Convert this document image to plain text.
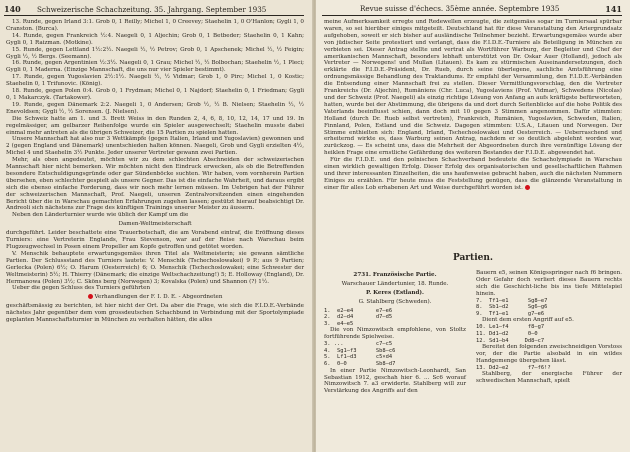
140 Schweizerische Schachzeitung. 35. Jahrgang. September 1935

13. Runde, gegen Irland 3:1. Grob 0, 1 Reilly; Michel 1, 0 Creevey; Staehelin 1, 0 O'Hanlon; Gygli 1, 0 Cranston. (Burca).

14. Runde, gegen Frankreich ½:4. Naegeli 0, 1 Aljechin; Grob 0, 1 Betbeder; Staehelin 0, 1 Kahn; Gygli 0, 1 Raizman. (Motkine).

15. Runde, gegen Lettland 1½:2½. Naegeli ½, ½ Petrov; Grob 0, 1 Apschenek; Michel ½, ½ Feigin; Gygli ½, ½ Bergs. (Seemann).

16. Runde, gegen Argentinien ½:3½. Naegeli 0, 1 Grau; Michel ½, ½ Bolbochan; Staehelin ½, 1 Pleci; Gygli 0, 1 Maderna. (Einzige Mannschaft, die uns nur vier Spieler bestimmt).

17. Runde, gegen Yugoslavien 2½:1½. Naegeli ½, ½ Vidmar; Grob 1, 0 Pirc; Michel 1, 0 Kostic; Staehelin 0, 1 Trifunovic. (König).

18. Runde, gegen Polen 0:4. Grob 0, 1 Frydman; Michel 0, 1 Najdorf; Staehelin 0, 1 Friedman; Gygli 0, 1 Makarczyk. (Tartakower).

19. Runde, gegen Dänemark 2:2. Naegeli 1, 0 Andersen; Grob ½, ½ B. Nielsen; Staehelin ½, ½ Enevoldsen; Gygli ½, ½ Sorensen. (J. Nielsen).

Die Schweiz hatte am 1. und 3. Brett Weiss in den Runden 2, 4, 6, 8, 10, 12, 14, 17 und 19. In regelmässiger, am gelbarzer Reihenfolge wurde ein Spieler ausgewechselt; Staehelin musste dabei einmal mehr antreten als die übrigen Schweizer, die 15 Partien zu spielen hatten.

Unsere Mannschaft hat also nur 3 Wettkämpfe (gegen Italien, Irland und Yugoslavien) gewonnen und 2 (gegen England und Dänemark) unentschieden halten können. Naegeli, Grob und Gygli erzielten 4½, Michel 4 und Staehelin 3½ Punkte. Jeder unserer Vertreter gewann zwei Partien.

Mehr, als oben angedeutet, möchten wir zu dem schlechten Abschneiden der schweizerischen Mannschaft hier nicht bemerken. Wir möchten nicht den Eindruck erwecken, als ob die Betreffenden besondere Entschuldigungsgründe oder gar Sündenböcke suchten. Wir haben, vom vornherein Partien übersehen, eben schlechter gespielt als unsere Gegner. Das ist die einfache Wahrheit, und daraus ergibt sich die ebenso einfache Forderung, dass wir noch mehr lernen müssen. Im Uebrigen hat der Führer der schweizerischen Mannschaft, Prof. Naegeli, unseren Zentralvorsitzenden einen eingehenden Bericht über die in Warschau gemachten Erfahrungen zugehen lassen; gestützt hierauf beabsichtigt Dr. Andreoli sich nächstens zur Frage des künftigen Trainings unserer Meister zu äussern.

Neben den Länderturnier wurde wie üblich der Kampf um die

Damen-Weltmeisterschaft

durchgeführt. Leider beschattete eine Trauerbotschaft, die am Vorabend eintraf, die Eröffnung dieses Turniers: eine Vertreterin Englands, Frau Stevenson, war auf der Reise nach Warschau beim Flugzeugwechsel in Posen einem Propeller am Kopfe getroffen und getötet worden.

V. Menschik behauptete erwartungsgemäss ihren Titel als Weltmeisterin; sie gewann sämtliche Partien. Der Schlussstand des Turniers lautete: V. Menschik (Tschechoslowakei) 9 P.; aus 9 Partien; Gerlecka (Polen) 6½; O. Harum (Oesterreich) 6; O. Menschik (Tschechoslowakei; eine Schwester der Weltmeisterin) 5½; H. Thierry (Dänemark; die einzige Weltschachzeitung!) 5; E. Holloway (England), Dr. Hermanowa (Polen) 3½; C. Sköns berg (Norwegen) 3; Kovalska (Polen) und Shannon (?) 1½.

Ueber die gegen Schluss des Turniers geführten

Verhandlungen der F. I. D. E. - Abgeordneten

geschäftsmässig zu berichten, ist hier nicht der Ort. Da aber die Frage, wie sich die F.I.D.E.-Verbände nächstes Jahr gegenüber dem vom grossdeutschen Schachbund in Verbindung mit der Sportolympiade geplanten Mannschaftsturnier in München zu verhalten hätten, die alles

Revue suisse d'échecs. 35ème année. Septembre 1935	141

meine Aufmerksamkeit erregte und Redewellen erzeugte, die zeitgemäss sogar im Turniersaal spürbar waren, so sei hierüber einiges mitgeteilt. Deutschland hat für diese Veranstaltung den Ariergrundsatz aufgehoben, soweit er sich bisher auf ausländische Teilnehmer bezieht. Erwartungsgemäss wurde aber von jüdischer Seite protestiert und verlangt, dass die F.I.D.E.-Turniere als Beteiligung in München zu verbieten sei. Dieser Antrag stellte und vertrat als Wortführer Warburg, der Begleiter und Chef der amerikanischen Mannschaft, besonders lebhaft unterstützt von Dr. Oskar Auer (Holland), jedoch als Vertreter — Norwegens! und Mullan (Litauen). Es kam zu stürmischen Auseinandersetzungen, doch erklärte die F.I.D.E.-Präsident, Dr. Rueb, durch seine überlegene, sachliche Amtsführung eine ordnungsmässige Behandlung des Traktandums. Er empfahl der Versammlung, den F.I.D.E.-Verbänden die Entsendung einer Mannschaft frei zu stellen. Dieser Vermittlungsvorschlag, den die Vertreter Frankreichs (Dr. Aljechin), Rumäniens (Chr. Luca), Yugoslaviens (Prof. Vidmar), Schwedens (Nicolas) und der Schweiz (Prof. Naegeli) als einzig richtige Lösung von Anfang an aufs kräftigste befürworteten, hatten, wurde bei der Abstimmung, die übrigens da und dort durch Seitenblicke auf die hohe Politik des Vaterlands beeinflusst schien, dann doch mit 10 gegen 3 Stimmen angenommen. Dafür stimmten: Holland (durch Dr. Rueb selbst vertreten), Frankreich, Rumänien, Yugoslavien, Schweden, Italien, Finnland, Polen, Estland und die Schweiz. Dagegen stimmten: U.S.A., Litauen und Norwegen. Der Stimme enthielten sich: England, Irland, Tschechoslowakei und Oesterreich. — Ueberraschend und erheiternd wirkte es, dass Warburg seinen Antrag, nachdem er so deutlich abgelehnt worden war, zurückzog. — Es scheint uns, dass die Mehrheit der Abgeordneten durch ihre vernünftige Lösung der heiklen Frage eine ernstliche Gefährdung des weiteren Bestandes der F.I.D.E. abgewendet hat.

Für die F.I.D.E. und den polnischen Schachverband bedeutete die Schacholympiade in Warschau einen wirklich gewaltigen Erfolg. Dieser Erfolg des organisatorischen und gesellschaftlichen Rahmen und ihrer interessanten Einzelheiten, die uns haufenweise gebracht haben, auch die nächsten Nummern Einiges zu erzählen. Für heute muss die Feststellung genügen, dass die glänzende Veranstaltung in einer für alles Lob erhabenen Art und Weise durchgeführt worden ist.

Partien.

2731. Französische Partie.

Warschauer Ländertunier, 18. Runde.

P. Keres (Estland).

G. Stahlberg (Schweden).

1.  e2—e4       e7—e6
2.  d2—d4       d7—d5
3.  e4—e5

Die von Nimzowitsch empfohlene, von Stoltz fortführende Spielweise.

3. ...          c7—c5
4.  Sg1—f3      Sb8—c6
5.  Lf1—d3      c5×d4
6.  0—0         Sb8—d7

In einer Partie Nimzowitsch-Leonhardt, San Sebastian 1912, geschah hier 6. ... Sc6 worauf Nimzowitsch 7. a3 erwiderte. Stahlberg will zur Verstärkung des Angriffs auf den

Bauern e5, seinen Königsspringer nach f6 bringen. Oder Gefahr doch verliert dieses Bauern rechts sich die Geschicht-liche bis ins tiefe Mittelspiel hinein.

7.  Tf1—e1      Sg8—e7
8.  Sb1—d2      Sg6—g6
9.  Tf1—e1      g7—e6

Dient dem ersten Angriff auf e5.

10. Le1—f4      f8—g7
11. Dd1—d2      0—0
12. Sd1—b4     Dd8—c7

Bereitet den folgenden zweischneidigen Vorstoss vor, der die Partie alsobald in ein wildes Handgemenge übergehen lässt.

13. Dd2—e2      f7—f6!?

Stahlberg, der energische Führer der schwedischen Mannschaft, spielt
